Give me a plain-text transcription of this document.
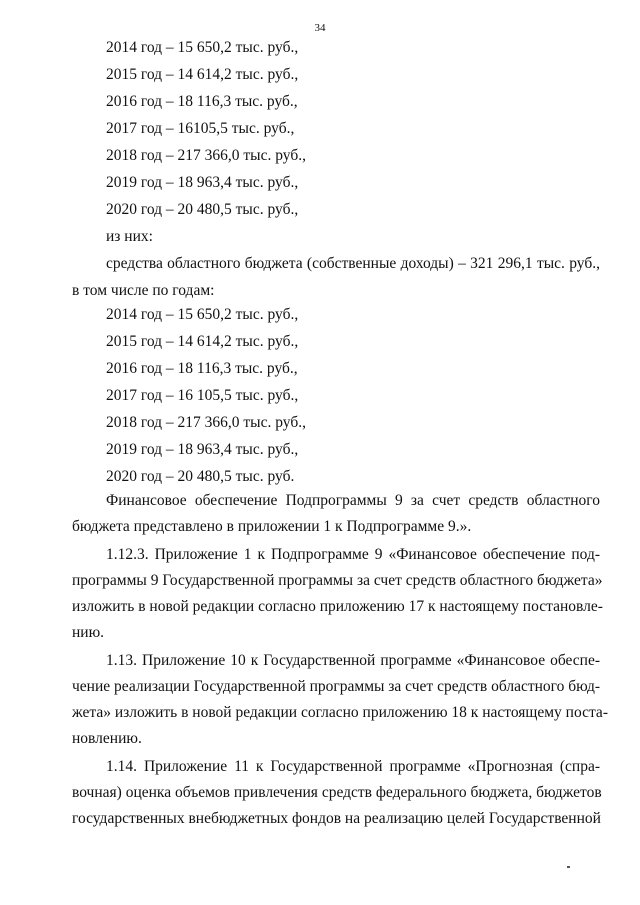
34
2014 год – 15 650,2 тыс. руб.,
2015 год – 14 614,2 тыс. руб.,
2016 год – 18 116,3 тыс. руб.,
2017 год – 16105,5 тыс. руб.,
2018 год – 217 366,0 тыс. руб.,
2019 год – 18 963,4 тыс. руб.,
2020 год – 20 480,5 тыс. руб.,
из них:
средства областного бюджета (собственные доходы) – 321 296,1 тыс. руб.,
в том числе по годам:
2014 год – 15 650,2 тыс. руб.,
2015 год – 14 614,2 тыс. руб.,
2016 год – 18 116,3 тыс. руб.,
2017 год – 16 105,5 тыс. руб.,
2018 год – 217 366,0 тыс. руб.,
2019 год – 18 963,4 тыс. руб.,
2020 год – 20 480,5 тыс. руб.
Финансовое обеспечение Подпрограммы 9 за счет средств областного
бюджета представлено в приложении 1 к Подпрограмме 9.».
1.12.3. Приложение 1 к Подпрограмме 9 «Финансовое обеспечение под-
программы 9 Государственной программы за счет средств областного бюджета»
изложить в новой редакции согласно приложению 17 к настоящему постановле-
нию.
1.13. Приложение 10 к Государственной программе «Финансовое обеспе-
чение реализации Государственной программы за счет средств областного бюд-
жета» изложить в новой редакции согласно приложению 18 к настоящему поста-
новлению.
1.14. Приложение 11 к Государственной программе «Прогнозная (спра-
вочная) оценка объемов привлечения средств федерального бюджета, бюджетов
государственных внебюджетных фондов на реализацию целей Государственной
